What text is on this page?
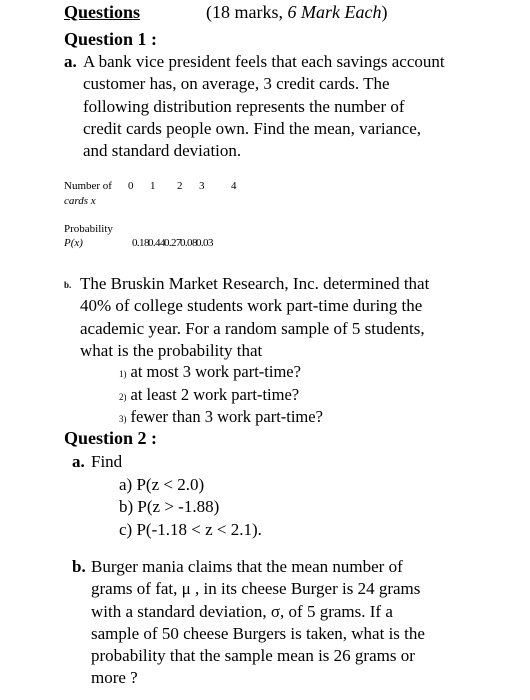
Questions	(18 marks, 6 Mark Each)
Question 1 :
a. A bank vice president feels that each savings account
customer has, on average, 3 credit cards. The
following distribution represents the number of
credit cards people own. Find the mean, variance,
and standard deviation.
Number of
cards x
0 1 2 3 4
Probability
P(x)	0.18 0.44 0.27 0.08 0.03
b. The Bruskin Market Research, Inc. determined that
40% of college students work part-time during the
academic year. For a random sample of 5 students,
what is the probability that
1) at most 3 work part-time?
2) at least 2 work part-time?
3) fewer than 3 work part-time?
Question 2 :
a. Find
a) P(z < 2.0)
b) P(z > -1.88)
c) P(-1.18 < z < 2.1).
b. Burger mania claims that the mean number of
grams of fat, μ , in its cheese Burger is 24 grams
with a standard deviation, σ, of 5 grams. If a
sample of 50 cheese Burgers is taken, what is the
probability that the sample mean is 26 grams or
more ?
